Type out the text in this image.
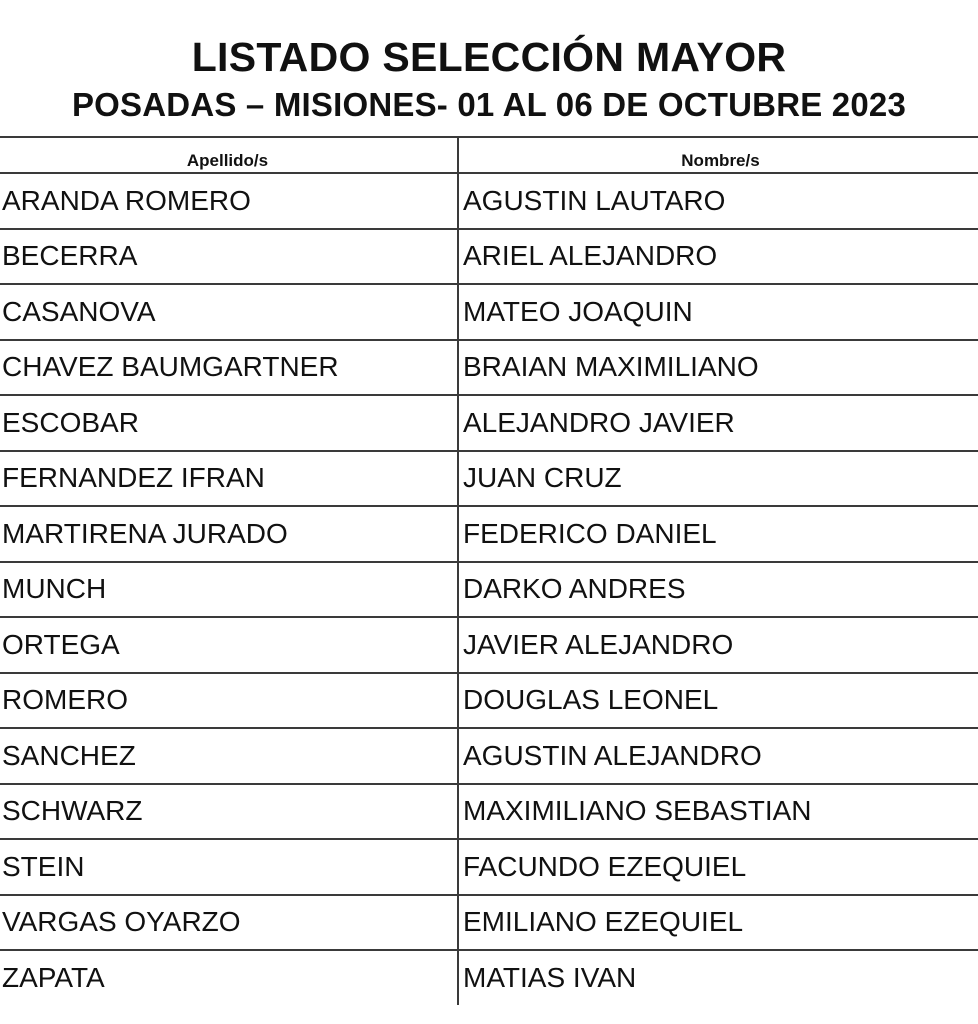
LISTADO SELECCIÓN MAYOR
POSADAS – MISIONES- 01 AL 06 DE OCTUBRE 2023
Apellido/s	Nombre/s
ARANDA ROMERO	AGUSTIN LAUTARO
BECERRA	ARIEL ALEJANDRO
CASANOVA	MATEO JOAQUIN
CHAVEZ BAUMGARTNER	BRAIAN MAXIMILIANO
ESCOBAR	ALEJANDRO JAVIER
FERNANDEZ IFRAN	JUAN CRUZ
MARTIRENA JURADO	FEDERICO DANIEL
MUNCH	DARKO ANDRES
ORTEGA	JAVIER ALEJANDRO
ROMERO	DOUGLAS LEONEL
SANCHEZ	AGUSTIN ALEJANDRO
SCHWARZ	MAXIMILIANO SEBASTIAN
STEIN	FACUNDO EZEQUIEL
VARGAS OYARZO	EMILIANO EZEQUIEL
ZAPATA	MATIAS IVAN
